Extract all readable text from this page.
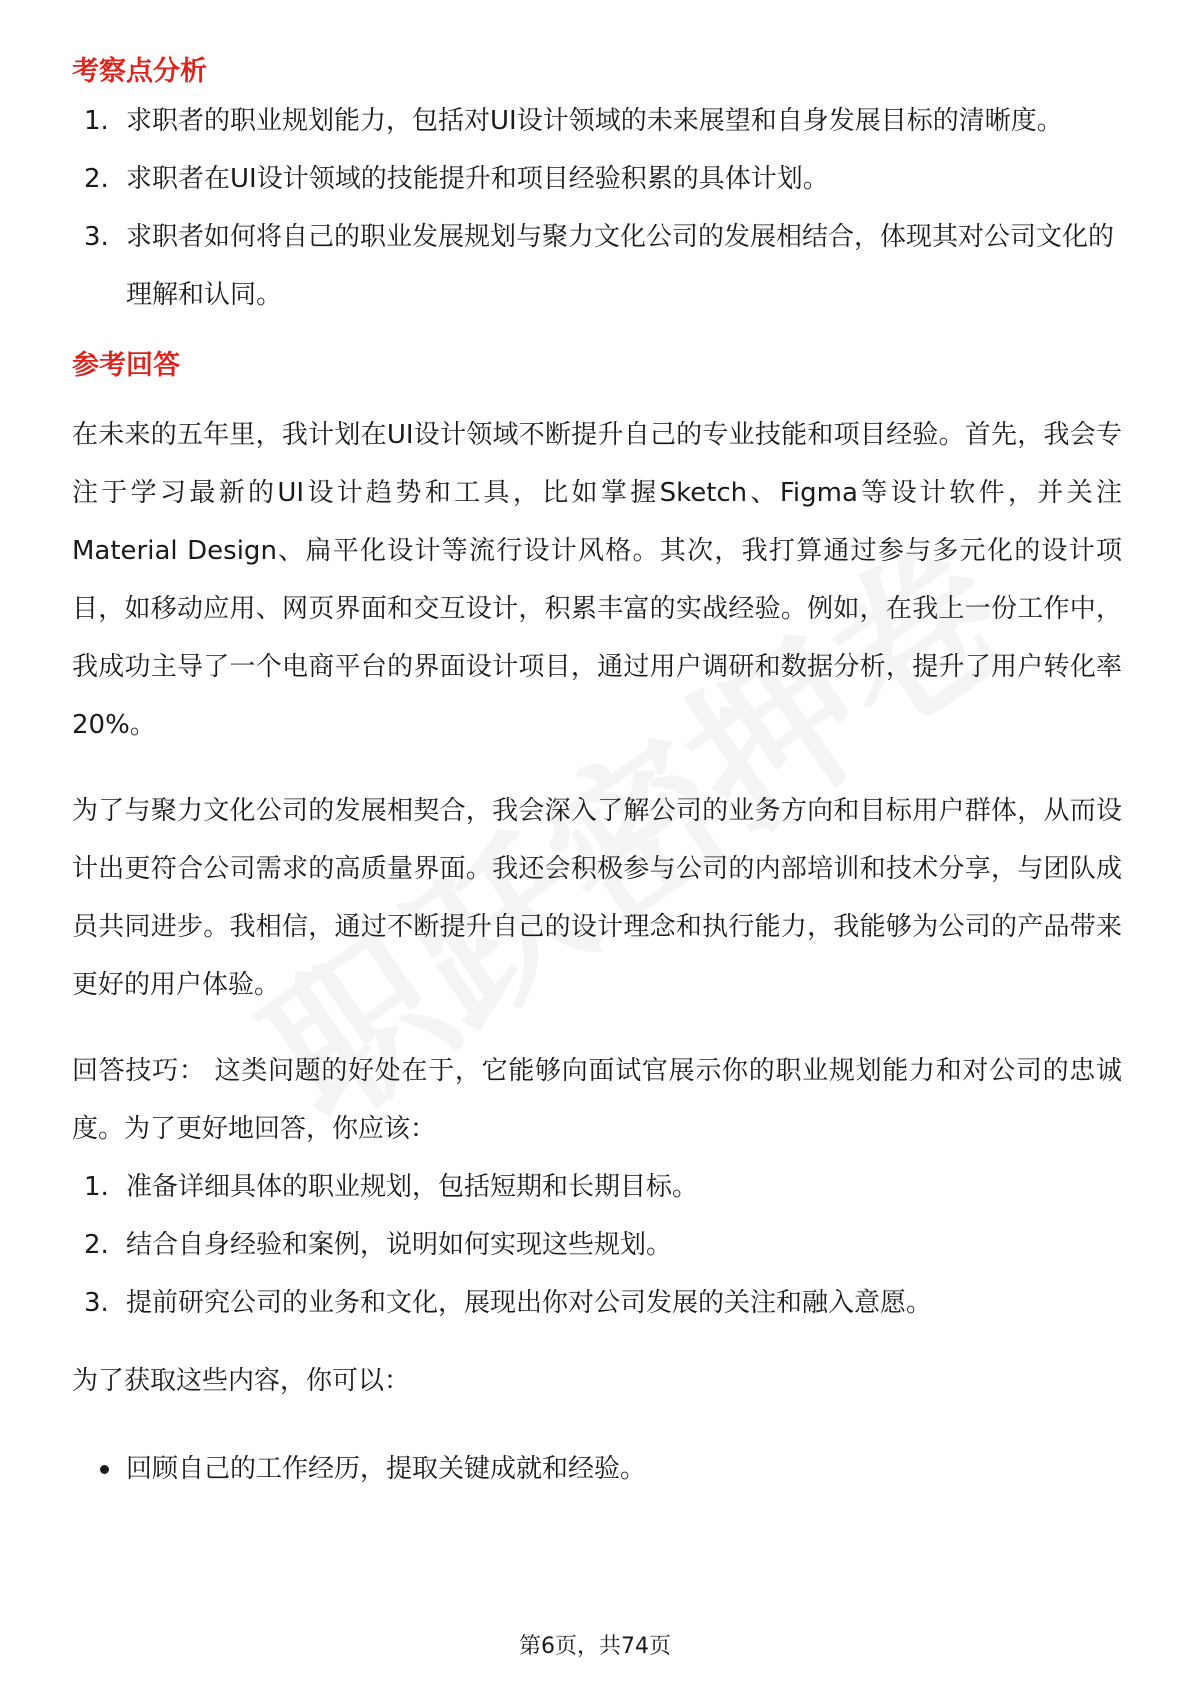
考察点分析
1. 求职者的职业规划能力，包括对UI设计领域的未来展望和自身发展目标的清晰度。
2. 求职者在UI设计领域的技能提升和项目经验积累的具体计划。
3. 求职者如何将自己的职业发展规划与聚力文化公司的发展相结合，体现其对公司文化的理解和认同。
参考回答

在未来的五年里，我计划在UI设计领域不断提升自己的专业技能和项目经验。首先，我会专注于学习最新的UI设计趋势和工具，比如掌握Sketch、Figma等设计软件，并关注Material Design、扁平化设计等流行设计风格。其次，我打算通过参与多元化的设计项目，如移动应用、网页界面和交互设计，积累丰富的实战经验。例如，在我上一份工作中，我成功主导了一个电商平台的界面设计项目，通过用户调研和数据分析，提升了用户转化率20%。

为了与聚力文化公司的发展相契合，我会深入了解公司的业务方向和目标用户群体，从而设计出更符合公司需求的高质量界面。我还会积极参与公司的内部培训和技术分享，与团队成员共同进步。我相信，通过不断提升自己的设计理念和执行能力，我能够为公司的产品带来更好的用户体验。

回答技巧： 这类问题的好处在于，它能够向面试官展示你的职业规划能力和对公司的忠诚度。为了更好地回答，你应该：

1. 准备详细具体的职业规划，包括短期和长期目标。
2. 结合自身经验和案例，说明如何实现这些规划。
3. 提前研究公司的业务和文化，展现出你对公司发展的关注和融入意愿。

为了获取这些内容，你可以：

回顾自己的工作经历，提取关键成就和经验。
第6页，共74页
